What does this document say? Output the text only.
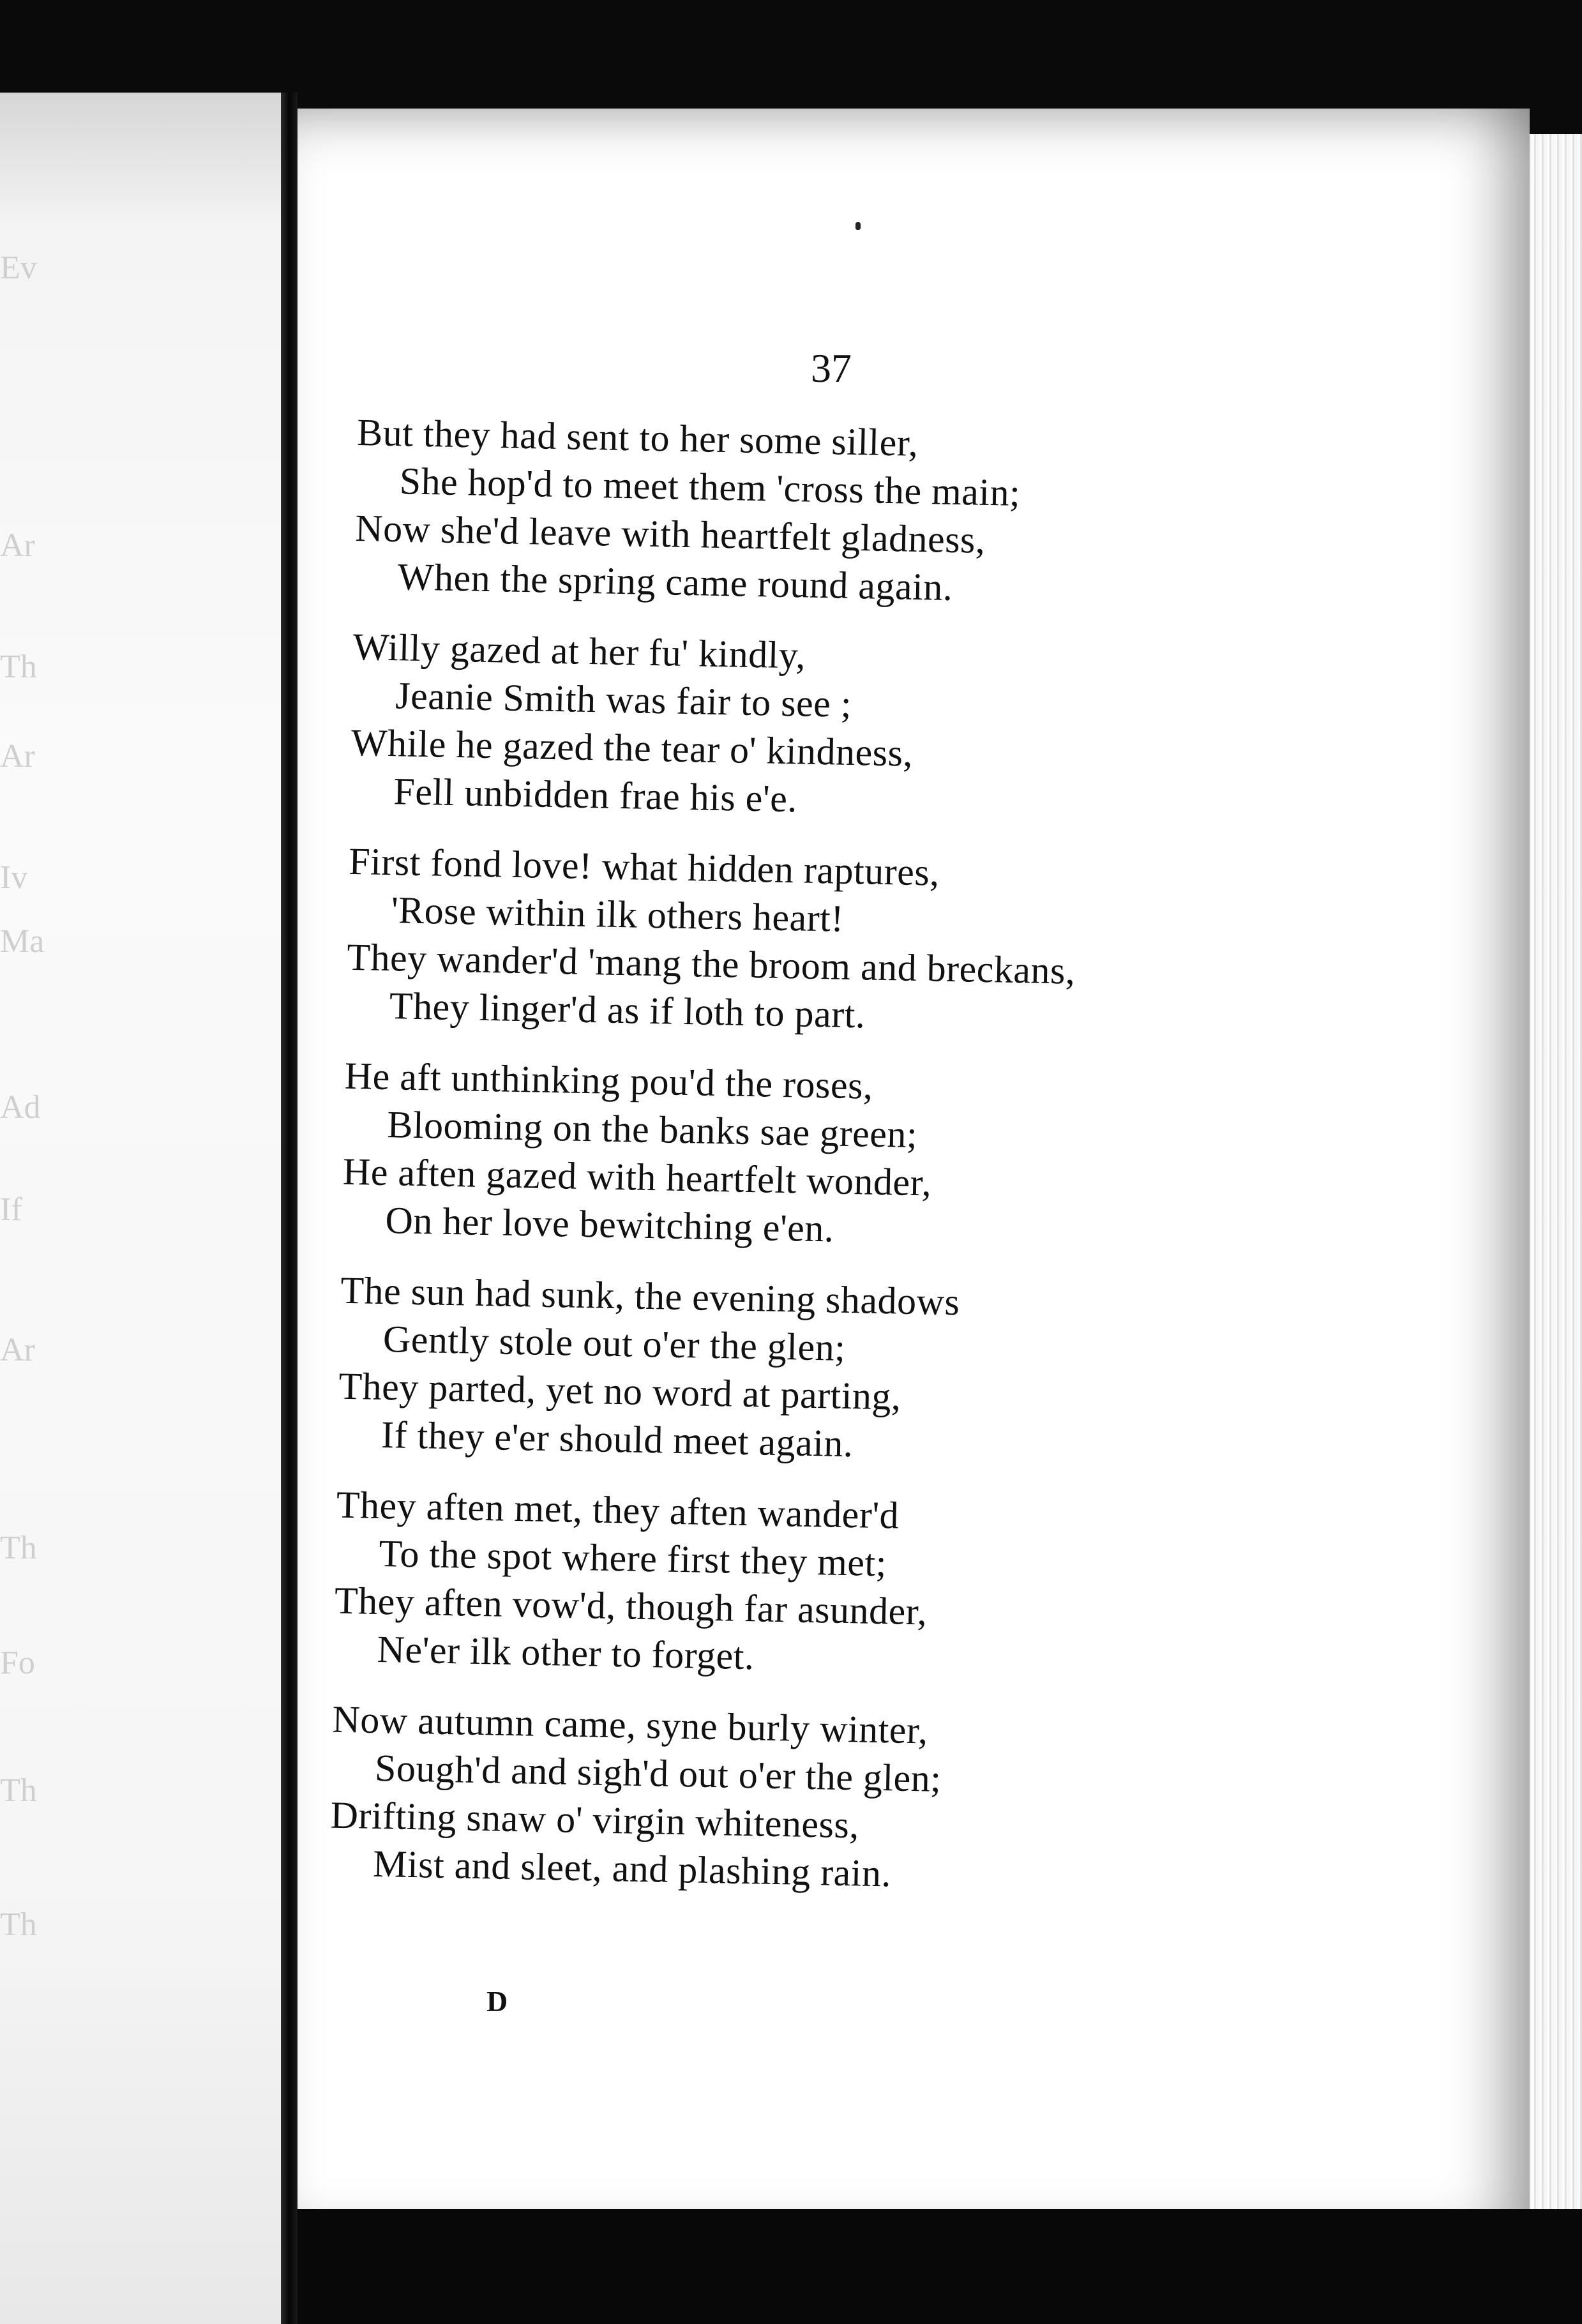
Ev
Ar
Th
Ar
Iv
Ma
Ad
If
Ar
Th
Fo
Th
Th
37
But they had sent to her some siller,
She hop'd to meet them 'cross the main;
Now she'd leave with heartfelt gladness,
When the spring came round again.
Willy gazed at her fu' kindly,
Jeanie Smith was fair to see ;
While he gazed the tear o' kindness,
Fell unbidden frae his e'e.
First fond love! what hidden raptures,
'Rose within ilk others heart!
They wander'd 'mang the broom and breckans,
They linger'd as if loth to part.
He aft unthinking pou'd the roses,
Blooming on the banks sae green;
He aften gazed with heartfelt wonder,
On her love bewitching e'en.
The sun had sunk, the evening shadows
Gently stole out o'er the glen;
They parted, yet no word at parting,
If they e'er should meet again.
They aften met, they aften wander'd
To the spot where first they met;
They aften vow'd, though far asunder,
Ne'er ilk other to forget.
Now autumn came, syne burly winter,
Sough'd and sigh'd out o'er the glen;
Drifting snaw o' virgin whiteness,
Mist and sleet, and plashing rain.
D
